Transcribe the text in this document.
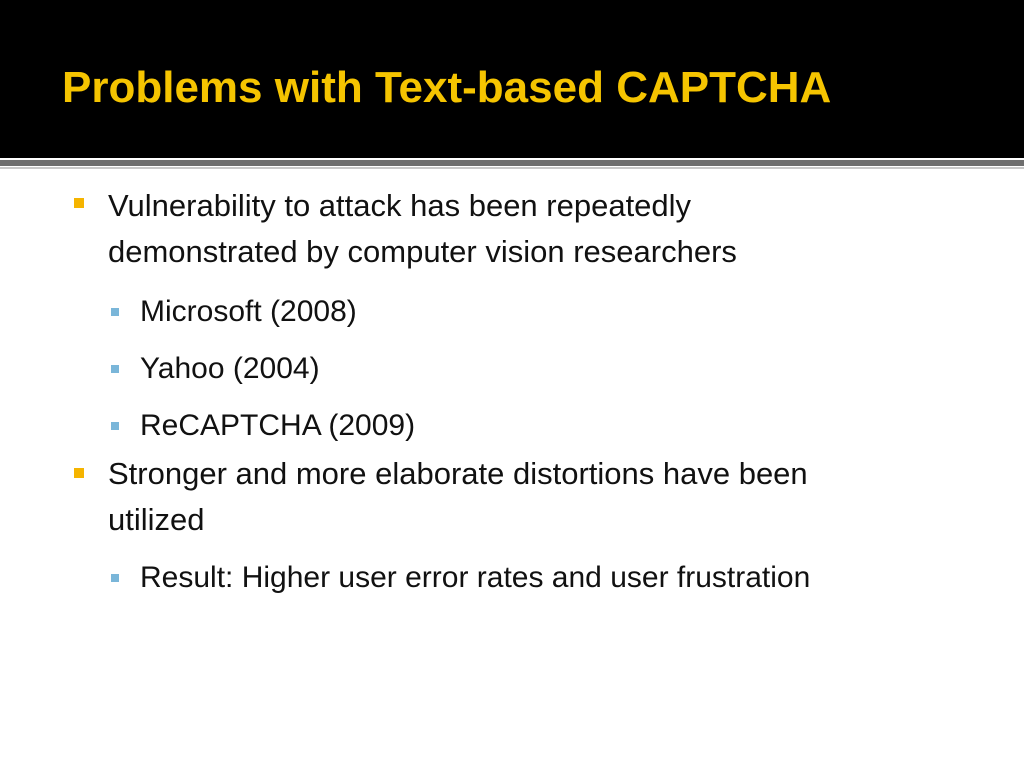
Problems with Text-based CAPTCHA
Vulnerability to attack has been repeatedly
demonstrated by computer vision researchers
Microsoft (2008)
Yahoo (2004)
ReCAPTCHA (2009)
Stronger and more elaborate distortions have been
utilized
Result: Higher user error rates and user frustration
